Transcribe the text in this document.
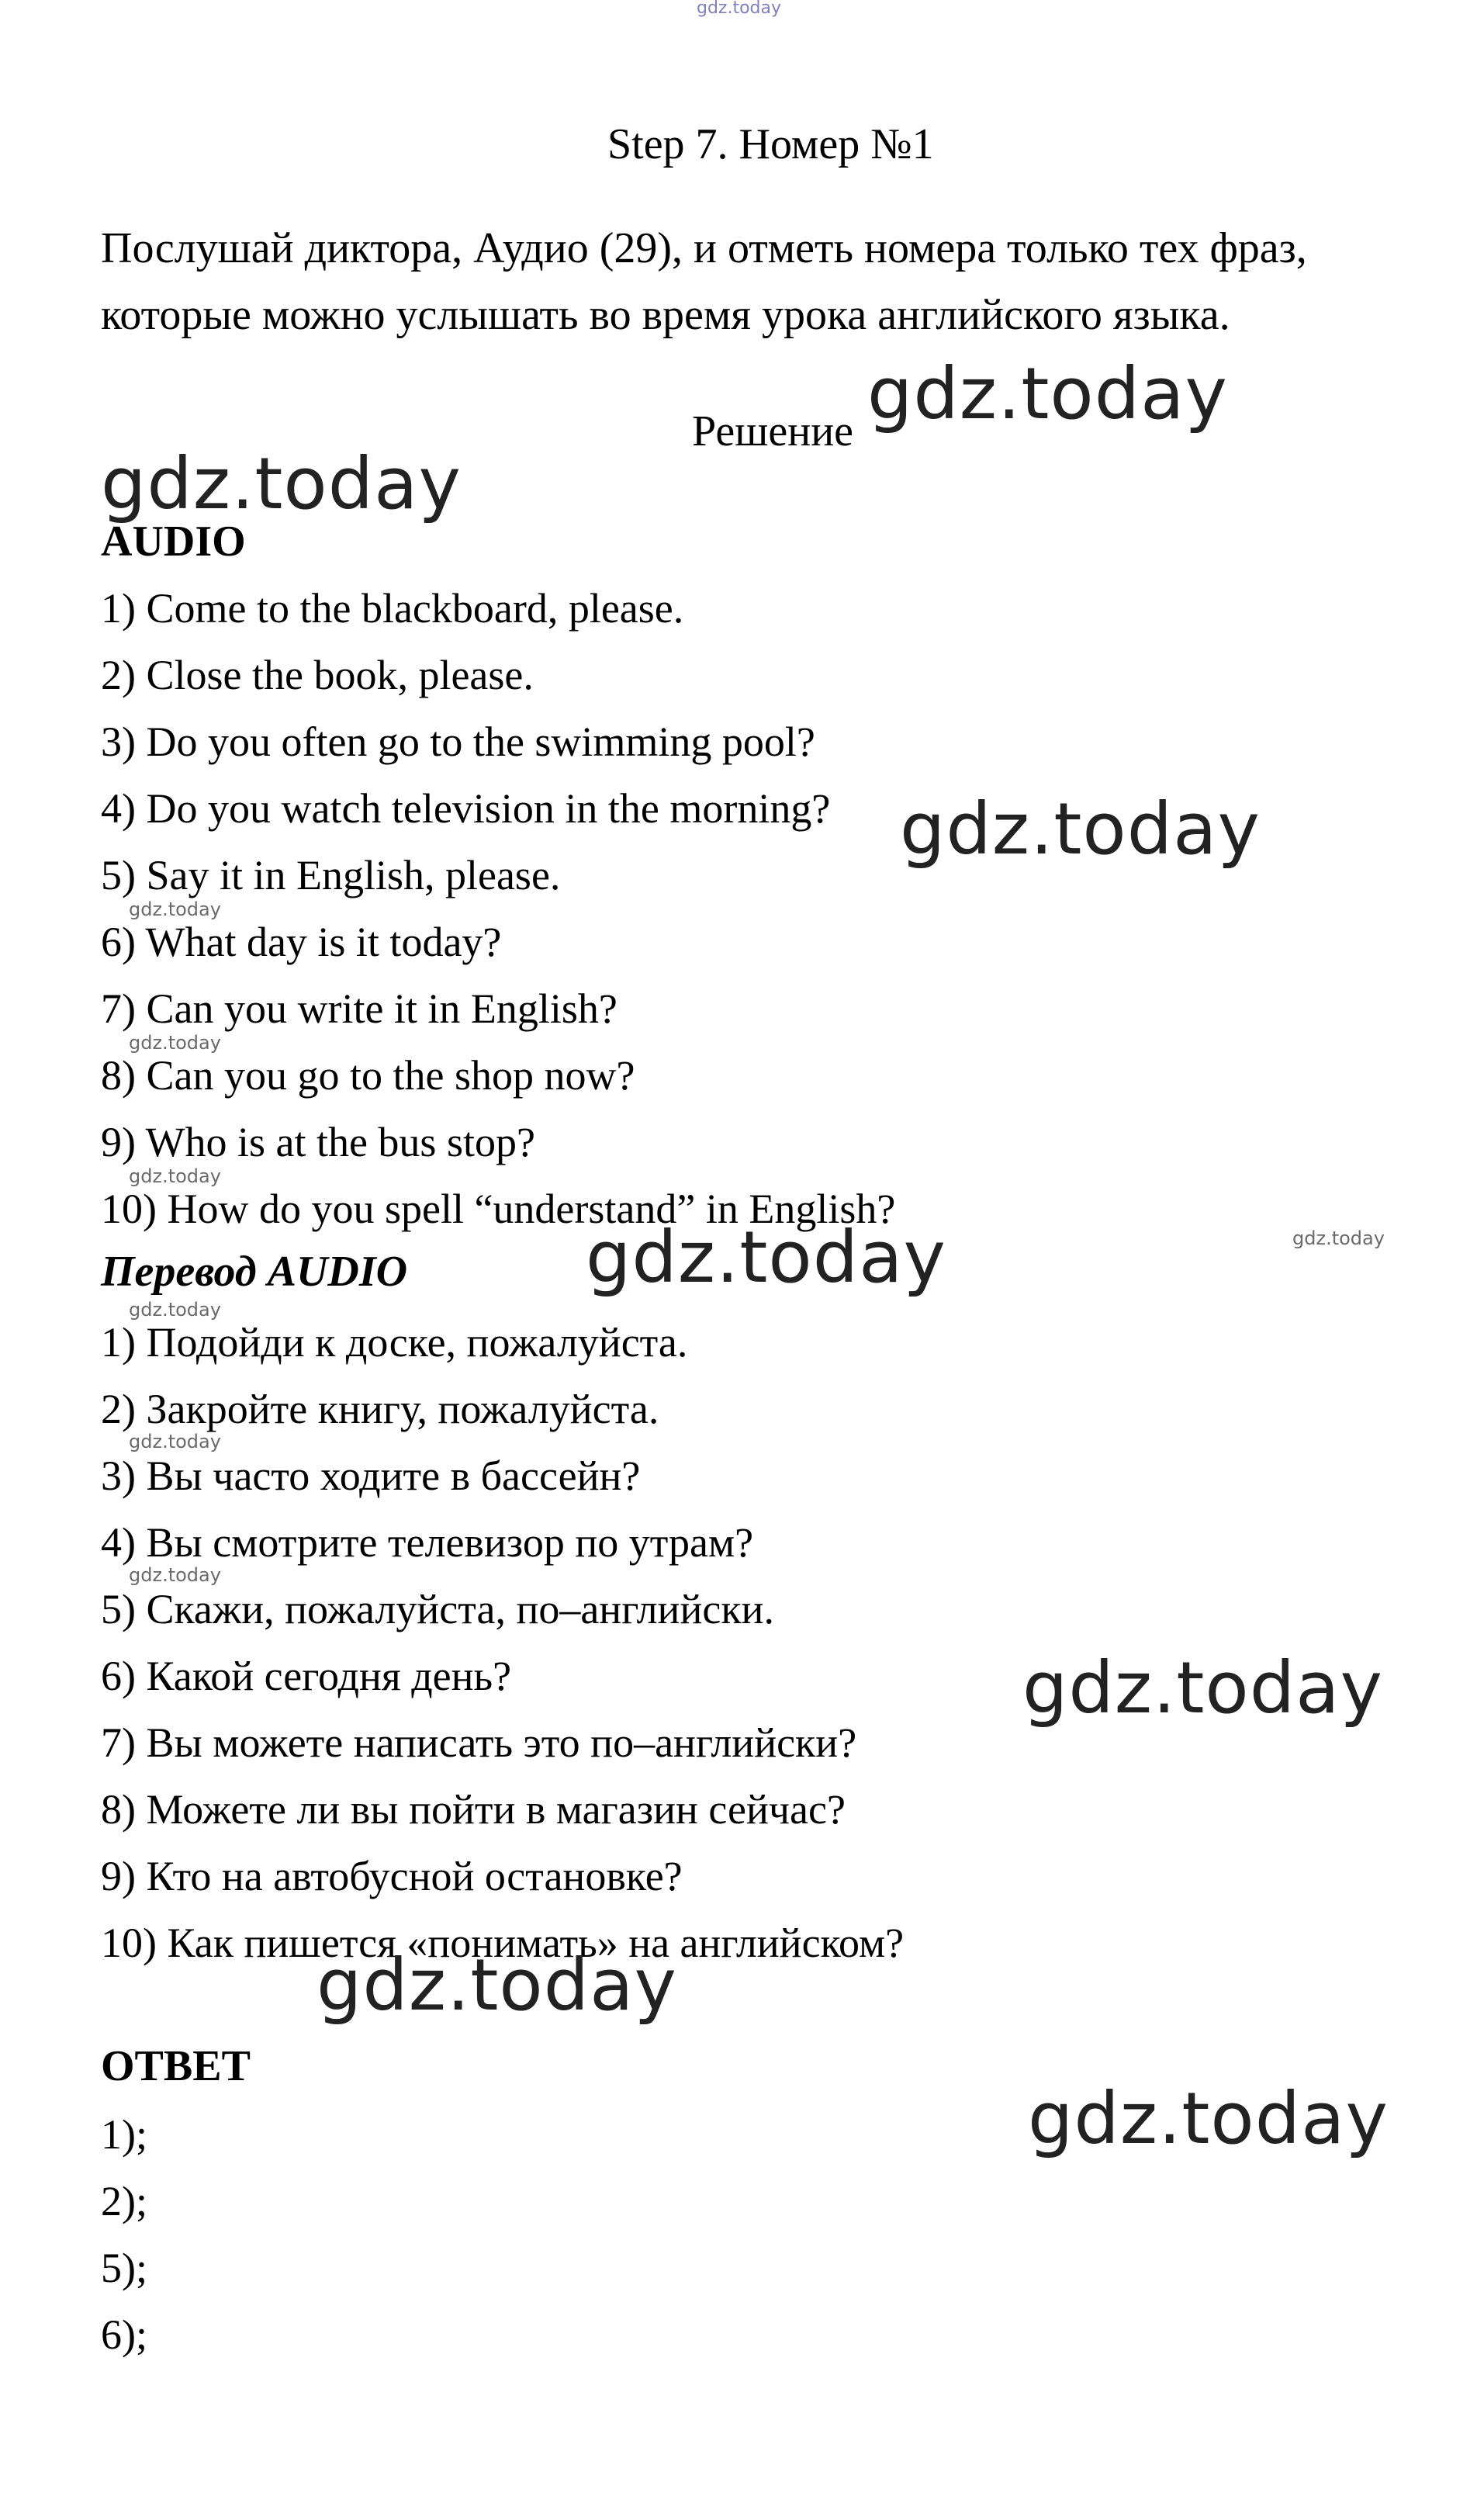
gdz.today
Step 7. Номер №1
Послушай диктора, Аудио (29), и отметь номера только тех фраз,
которые можно услышать во время урока английского языка.
Решение gdz.today
gdz.today
AUDIO
1) Come to the blackboard, please.
2) Close the book, please.
3) Do you often go to the swimming pool?
4) Do you watch television in the morning? gdz.today
5) Say it in English, please.
gdz.today
6) What day is it today?
7) Can you write it in English?
gdz.today
8) Can you go to the shop now?
9) Who is at the bus stop?
gdz.today
10) How do you spell “understand” in English?
gdz.today
Перевод AUDIO gdz.today
gdz.today
1) Подойди к доске, пожалуйста.
2) Закройте книгу, пожалуйста.
gdz.today
3) Вы часто ходите в бассейн?
4) Вы смотрите телевизор по утрам?
gdz.today
5) Скажи, пожалуйста, по–английски.
6) Какой сегодня день?	gdz.today
7) Вы можете написать это по–английски?
8) Можете ли вы пойти в магазин сейчас?
9) Кто на автобусной остановке?
10) Как пишется «понимать» на английском?
gdz.today
ОТВЕТ
gdz.today
1);
2);
5);
6);
